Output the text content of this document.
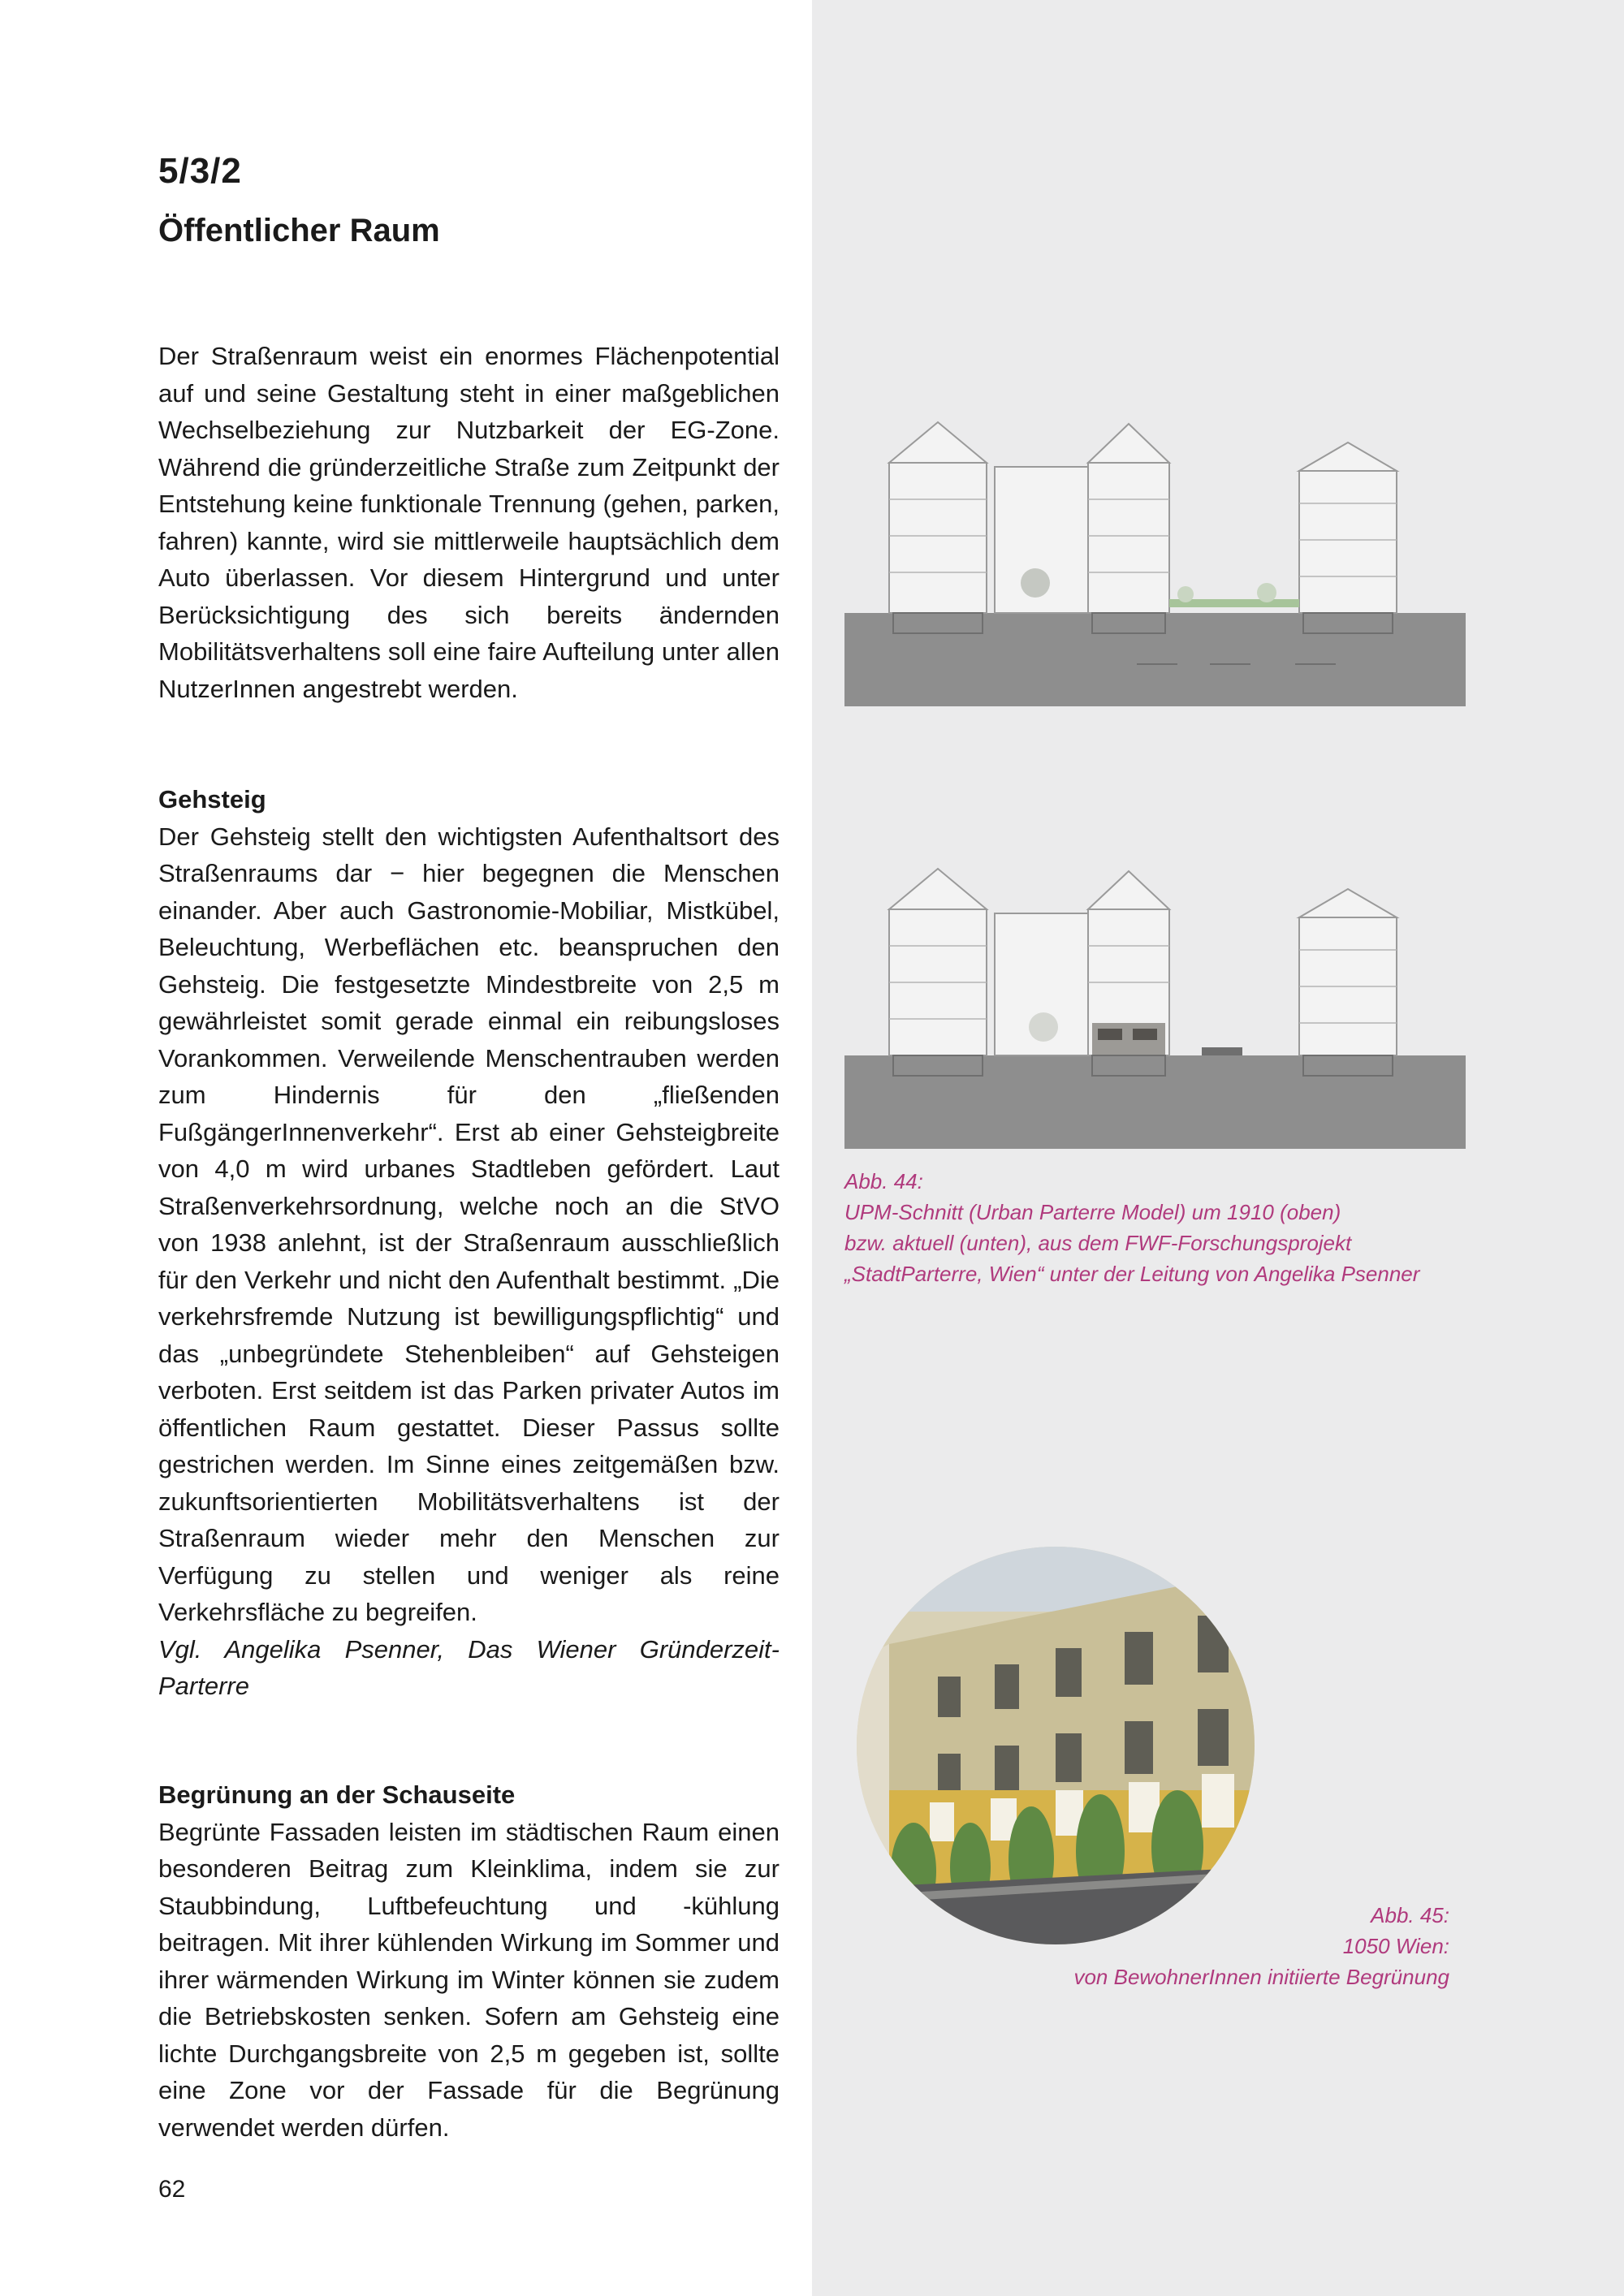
5/3/2
Öffentlicher Raum

Der Straßenraum weist ein enormes Flächenpotential auf und seine Gestaltung steht in einer maßgeblichen Wechselbeziehung zur Nutzbarkeit der EG-Zone. Während die gründerzeitliche Straße zum Zeitpunkt der Entstehung keine funktionale Trennung (gehen, parken, fahren) kannte, wird sie mittlerweile hauptsächlich dem Auto überlassen. Vor diesem Hintergrund und unter Berücksichtigung des sich bereits ändernden Mobilitätsverhaltens soll eine faire Aufteilung unter allen NutzerInnen angestrebt werden.

Gehsteig

Der Gehsteig stellt den wichtigsten Aufenthaltsort des Straßenraums dar − hier begegnen die Menschen einander. Aber auch Gastronomie-Mobiliar, Mistkübel, Beleuchtung, Werbeflächen etc. beanspruchen den Gehsteig. Die festgesetzte Mindestbreite von 2,5 m gewährleistet somit gerade einmal ein reibungsloses Vorankommen. Verweilende Menschentrauben werden zum Hindernis für den „fließenden FußgängerInnenverkehr“. Erst ab einer Gehsteigbreite von 4,0 m wird urbanes Stadtleben gefördert. Laut Straßenverkehrsordnung, welche noch an die StVO von 1938 anlehnt, ist der Straßenraum ausschließlich für den Verkehr und nicht den Aufenthalt bestimmt. „Die verkehrsfremde Nutzung ist bewilligungspflichtig“ und das „unbegründete Stehenbleiben“ auf Gehsteigen verboten. Erst seitdem ist das Parken privater Autos im öffentlichen Raum gestattet. Dieser Passus sollte gestrichen werden. Im Sinne eines zeitgemäßen bzw. zukunftsorientierten Mobilitätsverhaltens ist der Straßenraum wieder mehr den Menschen zur Verfügung zu stellen und weniger als reine Verkehrsfläche zu begreifen.

Vgl. Angelika Psenner, Das Wiener Gründerzeit-Parterre

Begrünung an der Schauseite

Begrünte Fassaden leisten im städtischen Raum einen besonderen Beitrag zum Kleinklima, indem sie zur Staubbindung, Luftbefeuchtung und -kühlung beitragen. Mit ihrer kühlenden Wirkung im Sommer und ihrer wärmenden Wirkung im Winter können sie zudem die Betriebskosten senken. Sofern am Gehsteig eine lichte Durchgangsbreite von 2,5 m gegeben ist, sollte eine Zone vor der Fassade für die Begrünung verwendet werden dürfen.

62
Abb. 44:
UPM-Schnitt (Urban Parterre Model) um 1910 (oben)
bzw. aktuell (unten), aus dem FWF-Forschungsprojekt
„StadtParterre, Wien“ unter der Leitung von Angelika Psenner
Abb. 45:
1050 Wien:
von BewohnerInnen initiierte Begrünung
